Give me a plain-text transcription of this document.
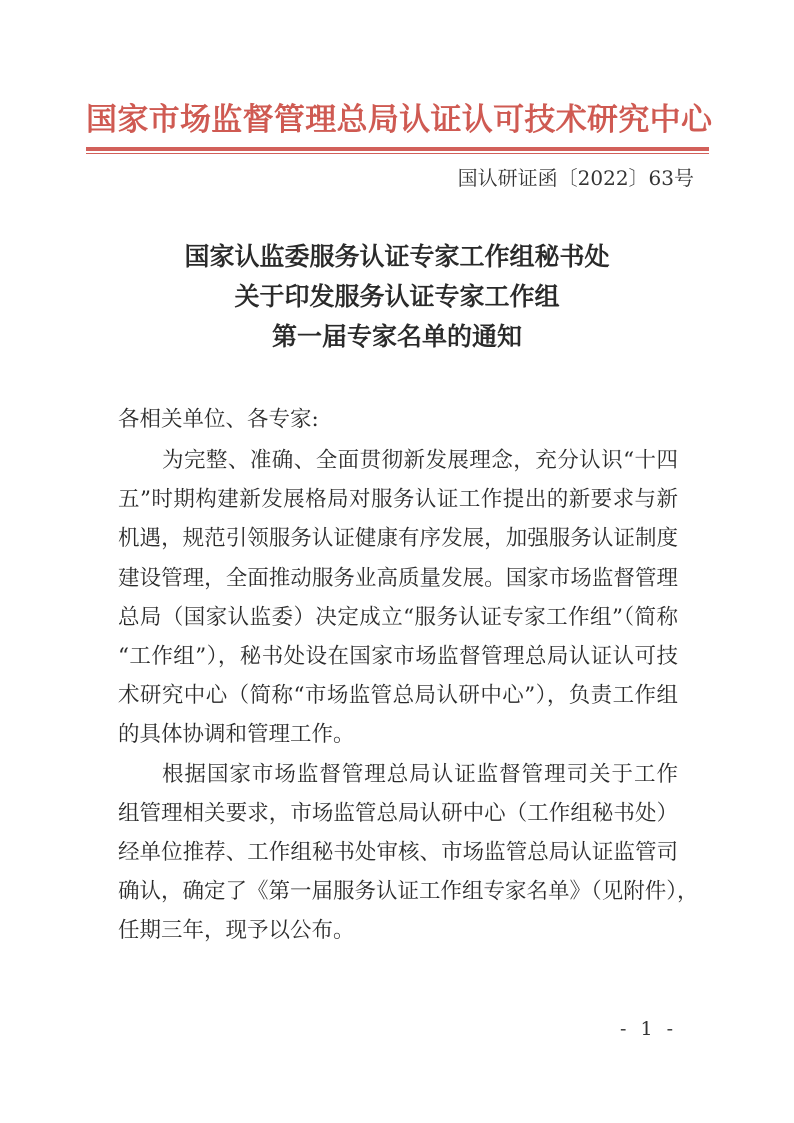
国家市场监督管理总局认证认可技术研究中心
国认研证函〔2022〕63号
国家认监委服务认证专家工作组秘书处
关于印发服务认证专家工作组
第一届专家名单的通知
各相关单位、各专家:
为完整、准确、全面贯彻新发展理念，充分认识“十四
五”时期构建新发展格局对服务认证工作提出的新要求与新
机遇，规范引领服务认证健康有序发展，加强服务认证制度
建设管理，全面推动服务业高质量发展。国家市场监督管理
总局（国家认监委）决定成立“服务认证专家工作组”（简称
“工作组”），秘书处设在国家市场监督管理总局认证认可技
术研究中心（简称“市场监管总局认研中心”），负责工作组
的具体协调和管理工作。
根据国家市场监督管理总局认证监督管理司关于工作
组管理相关要求，市场监管总局认研中心（工作组秘书处）
经单位推荐、工作组秘书处审核、市场监管总局认证监管司
确认，确定了《第一届服务认证工作组专家名单》（见附件），
任期三年，现予以公布。
- 1 -
